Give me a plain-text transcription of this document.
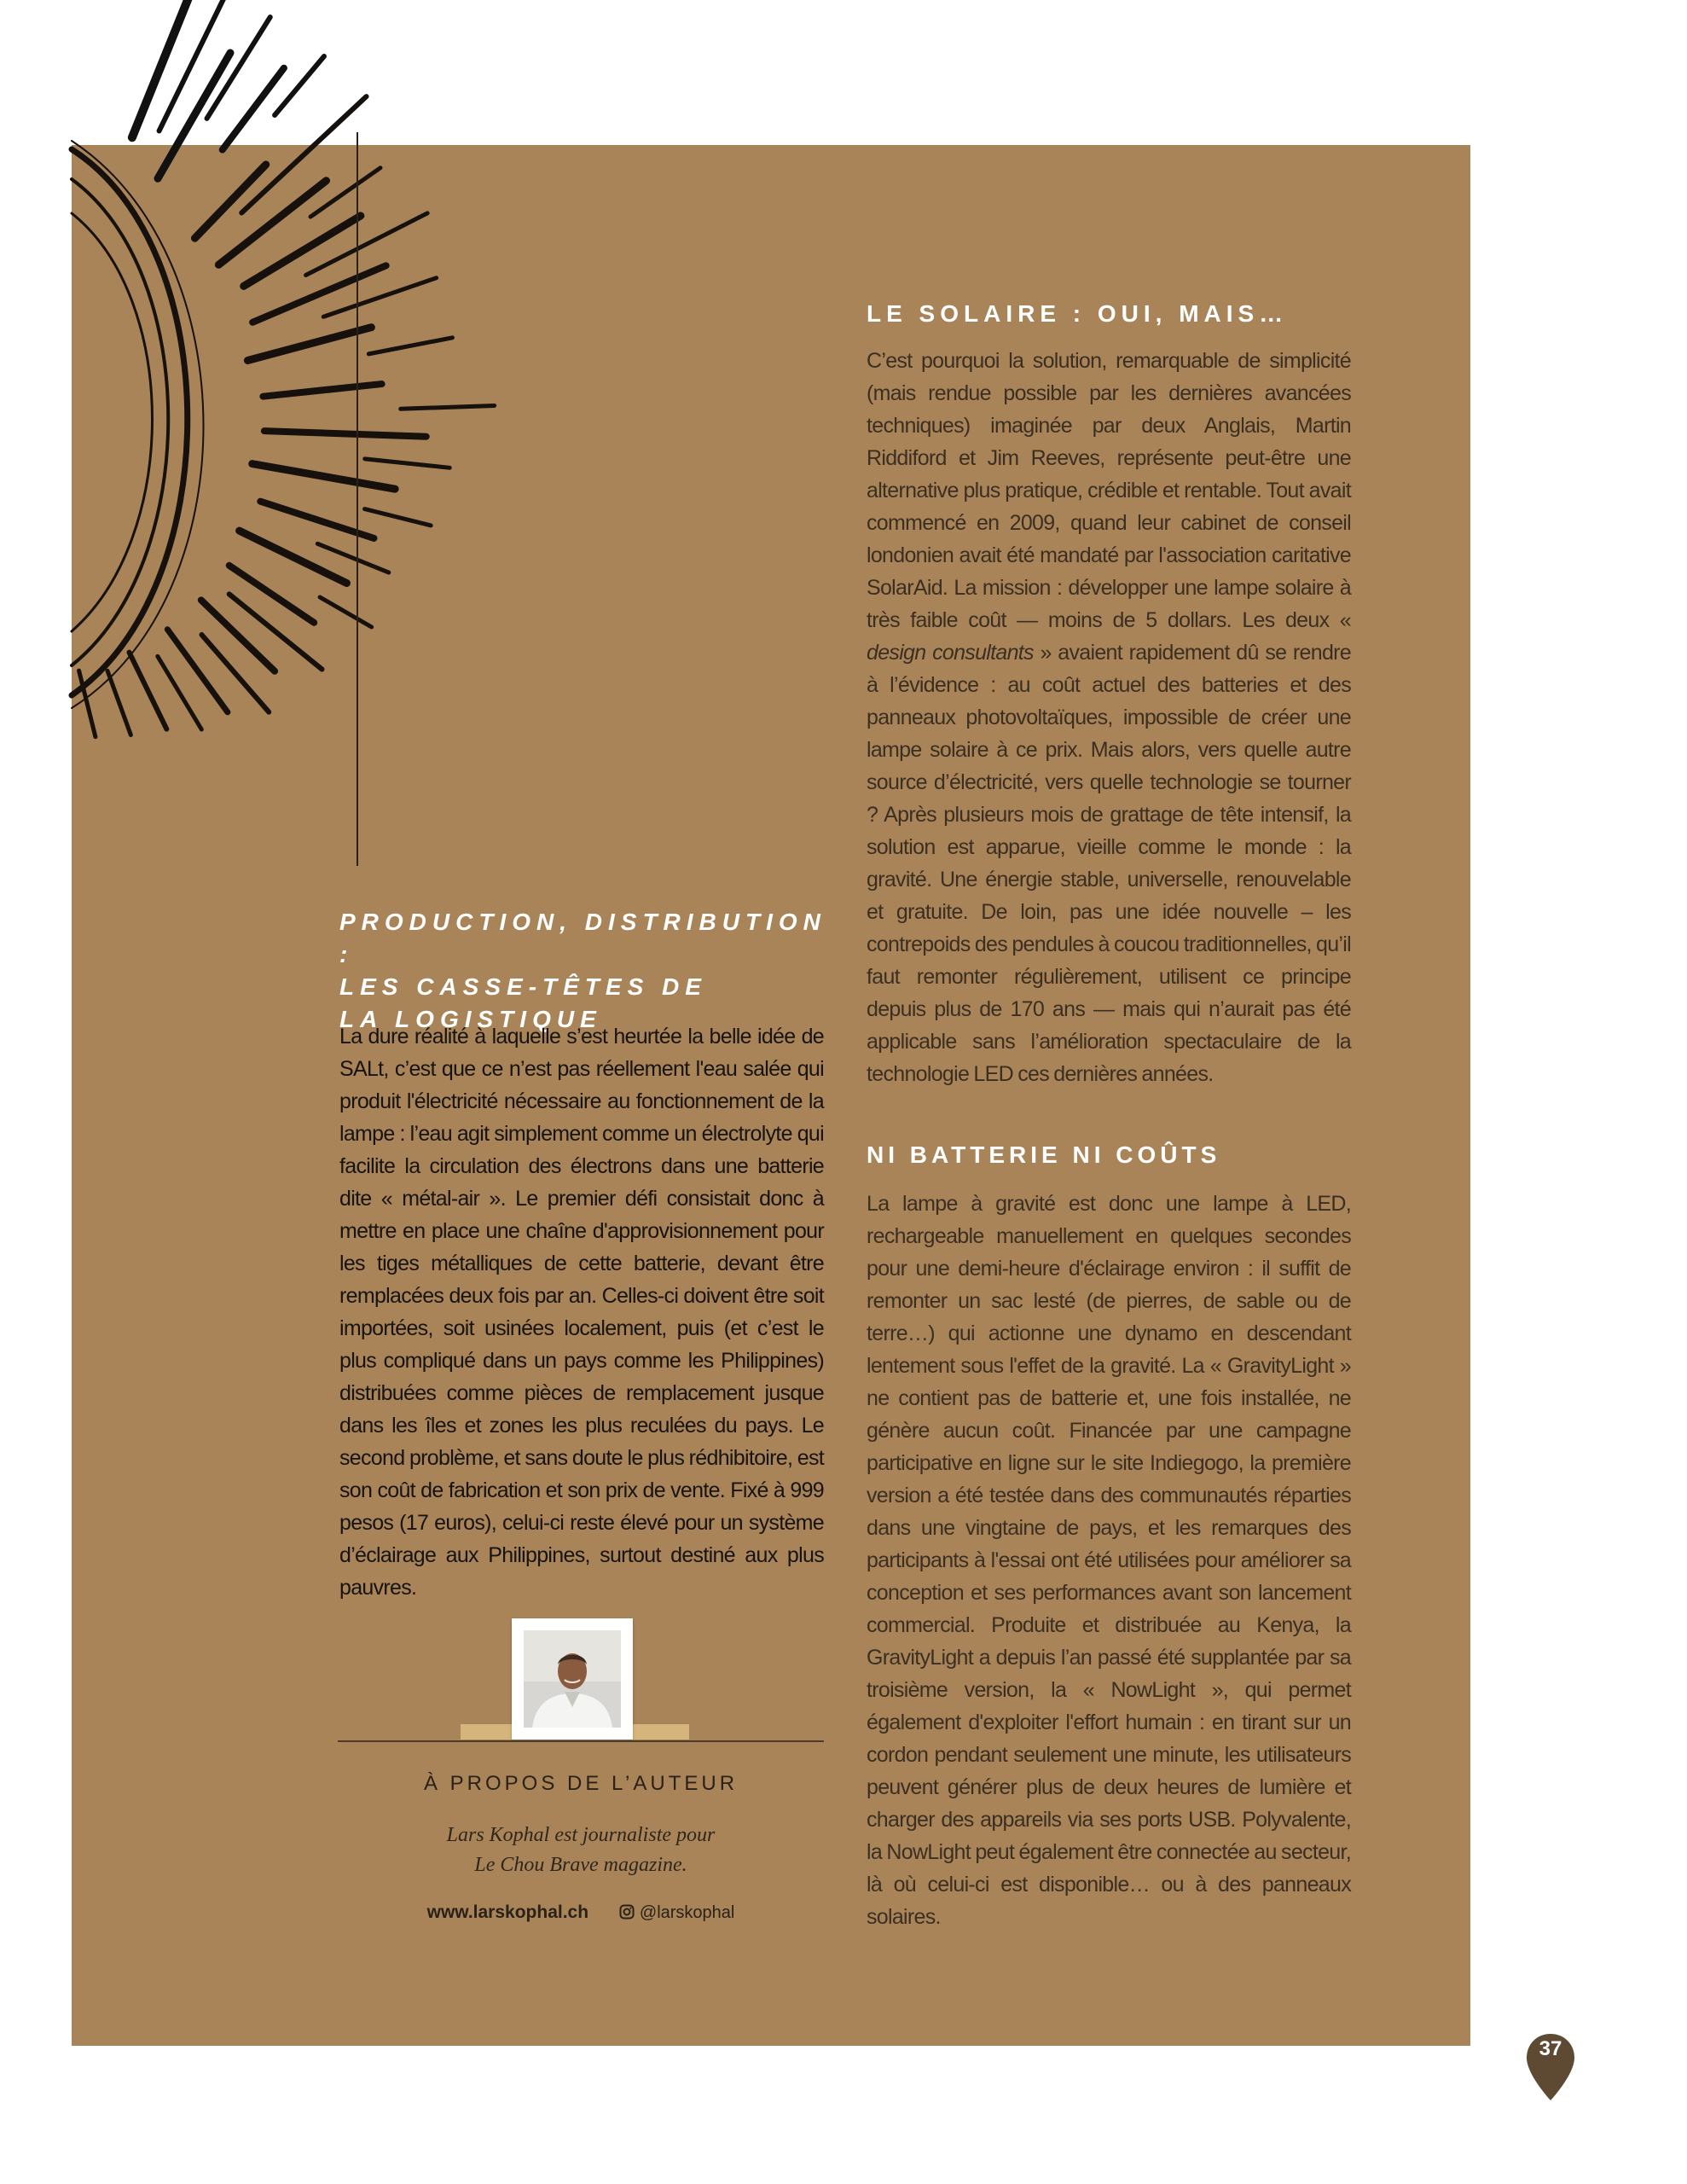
PRODUCTION, DISTRIBUTION :
LES CASSE-TÊTES DE
LA LOGISTIQUE

La dure réalité à laquelle s’est heurtée la belle idée de SALt, c’est que ce n’est pas réellement l'eau salée qui produit l'électricité nécessaire au fonctionnement de la lampe : l’eau agit simplement comme un électrolyte qui facilite la circulation des électrons dans une batterie dite « métal-air ». Le premier défi consistait donc à mettre en place une chaîne d'approvisionnement pour les tiges métalliques de cette batterie, devant être remplacées deux fois par an. Celles-ci doivent être soit importées, soit usinées localement, puis (et c’est le plus compliqué dans un pays comme les Philippines) distribuées comme pièces de remplacement jusque dans les îles et zones les plus reculées du pays. Le second problème, et sans doute le plus rédhibitoire, est son coût de fabrication et son prix de vente. Fixé à 999 pesos (17 euros), celui-ci reste élevé pour un système d’éclairage aux Philippines, surtout destiné aux plus pauvres.

À PROPOS DE L’AUTEUR
Lars Kophal est journaliste pour
Le Chou Brave magazine.
www.larskophal.ch	@larskophal
LE SOLAIRE : OUI, MAIS…

C’est pourquoi la solution, remarquable de simplicité (mais rendue possible par les dernières avancées techniques) imaginée par deux Anglais, Martin Riddiford et Jim Reeves, représente peut-être une alternative plus pratique, crédible et rentable. Tout avait commencé en 2009, quand leur cabinet de conseil londonien avait été mandaté par l'association caritative SolarAid. La mission : développer une lampe solaire à très faible coût — moins de 5 dollars. Les deux « design consultants » avaient rapidement dû se rendre à l’évidence : au coût actuel des batteries et des panneaux photovoltaïques, impossible de créer une lampe solaire à ce prix. Mais alors, vers quelle autre source d’électricité, vers quelle technologie se tourner ? Après plusieurs mois de grattage de tête intensif, la solution est apparue, vieille comme le monde : la gravité. Une énergie stable, universelle, renouvelable et gratuite. De loin, pas une idée nouvelle – les contrepoids des pendules à coucou traditionnelles, qu’il faut remonter régulièrement, utilisent ce principe depuis plus de 170 ans — mais qui n’aurait pas été applicable sans l’amélioration spectaculaire de la technologie LED ces dernières années.

NI BATTERIE NI COÛTS

La lampe à gravité est donc une lampe à LED, rechargeable manuellement en quelques secondes pour une demi-heure d'éclairage environ : il suffit de remonter un sac lesté (de pierres, de sable ou de terre…) qui actionne une dynamo en descendant lentement sous l'effet de la gravité. La « GravityLight » ne contient pas de batterie et, une fois installée, ne génère aucun coût. Financée par une campagne participative en ligne sur le site Indiegogo, la première version a été testée dans des communautés réparties dans une vingtaine de pays, et les remarques des participants à l'essai ont été utilisées pour améliorer sa conception et ses performances avant son lancement commercial. Produite et distribuée au Kenya, la GravityLight a depuis l’an passé été supplantée par sa troisième version, la « NowLight », qui permet également d'exploiter l'effort humain : en tirant sur un cordon pendant seulement une minute, les utilisateurs peuvent générer plus de deux heures de lumière et charger des appareils via ses ports USB. Polyvalente, la NowLight peut également être connectée au secteur, là où celui-ci est disponible… ou à des panneaux solaires.

37
